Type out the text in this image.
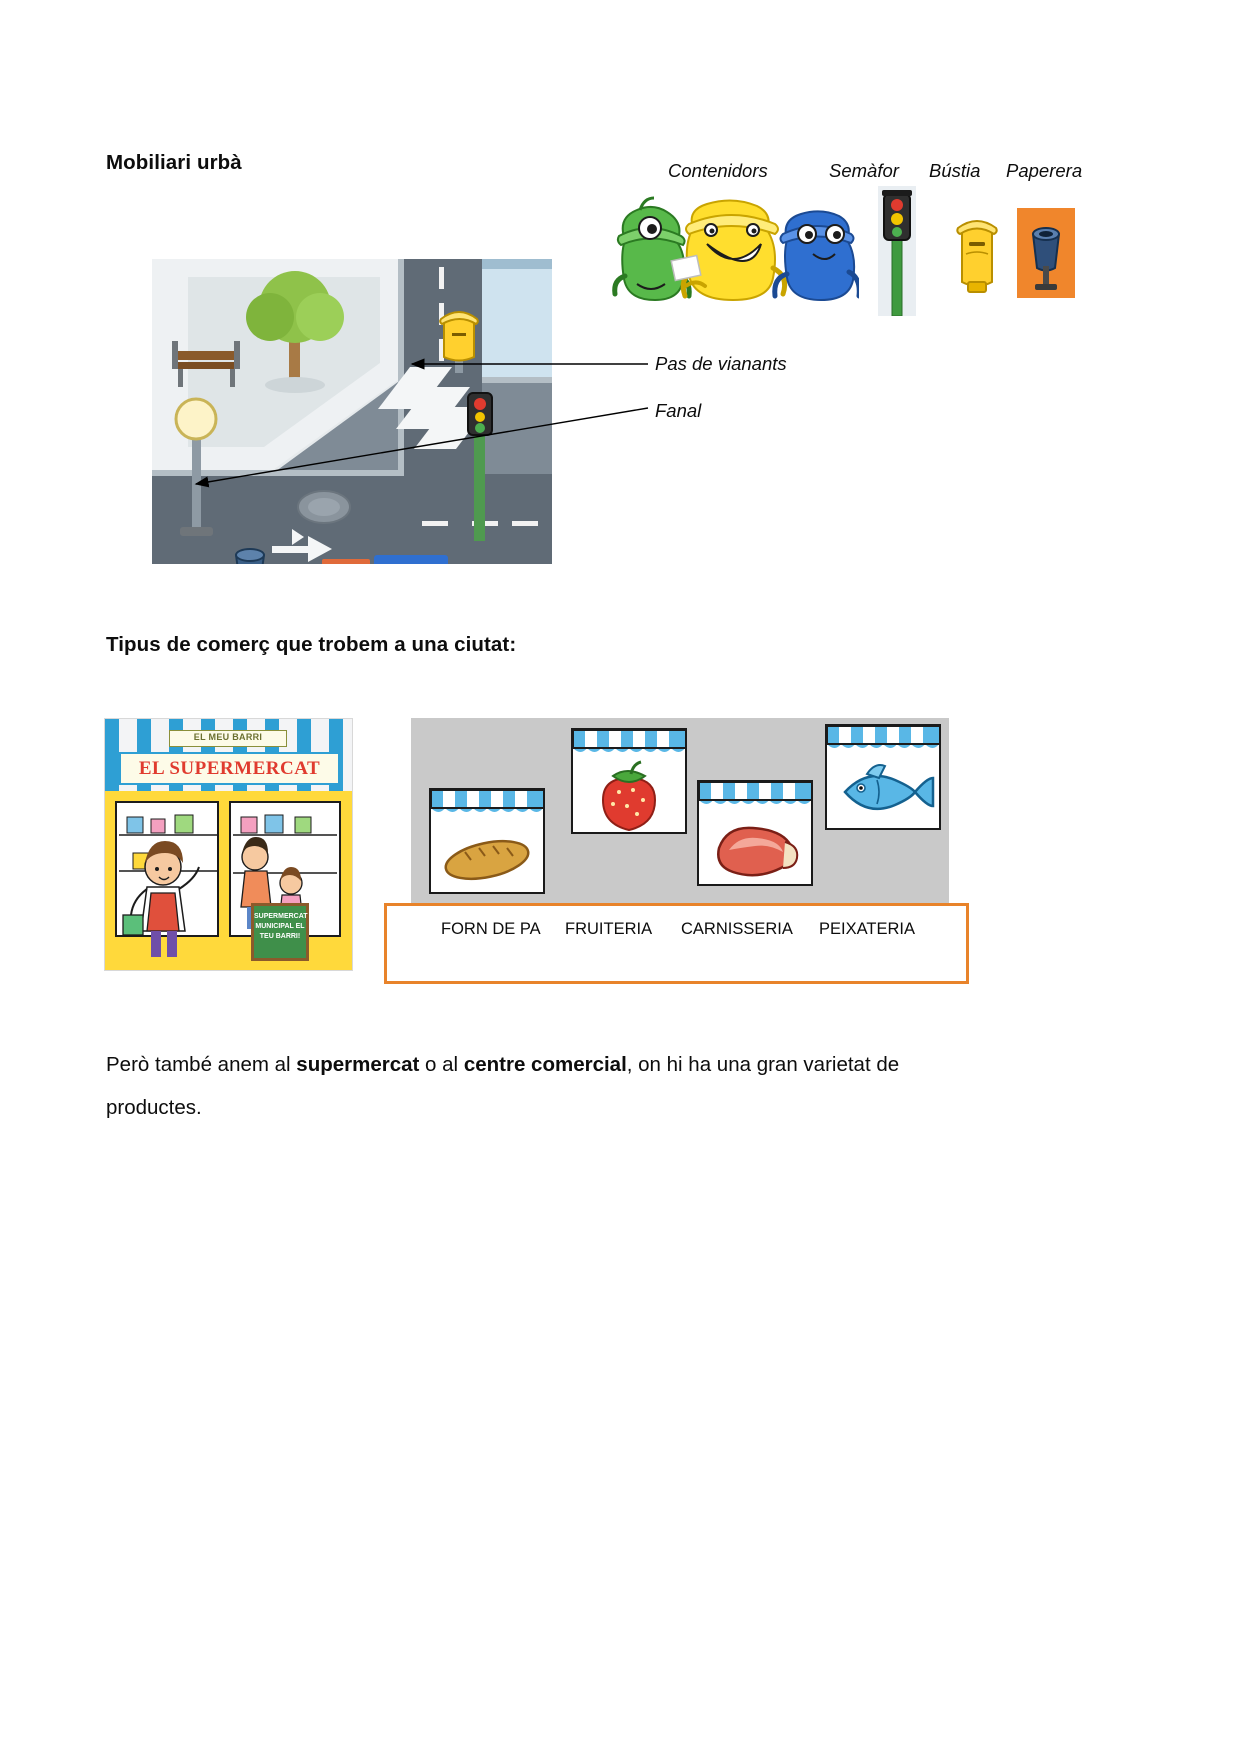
Mobiliari urbà
Tipus de comerç que trobem a una ciutat:
Contenidors	Semàfor Bústia Paperera
Pas de vianants
Fanal
EL MEU BARRI
EL SUPERMERCAT
SUPERMERCAT MUNICIPAL EL TEU BARRI!	FORN DE PA FRUITERIA CARNISSERIA PEIXATERIA

Però també anem al supermercat o al centre comercial, on hi ha una gran varietat de productes.
